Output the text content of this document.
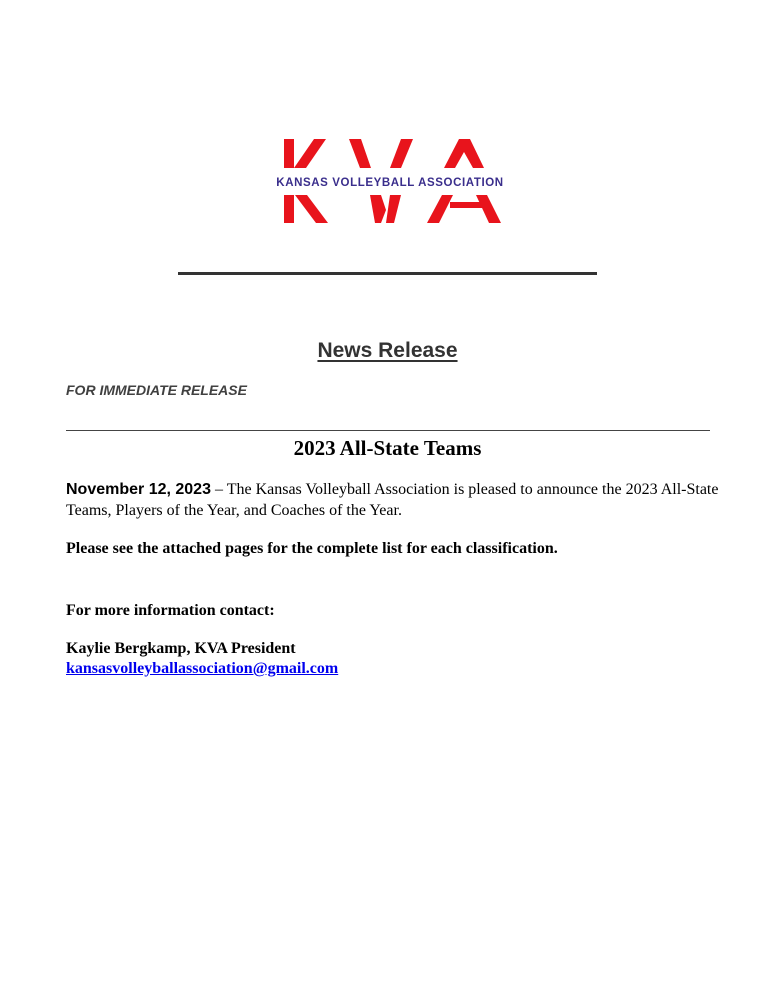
KANSAS VOLLEYBALL ASSOCIATION
News Release
FOR IMMEDIATE RELEASE
2023 All-State Teams
November 12, 2023 – The Kansas Volleyball Association is pleased to announce the 2023 All-State Teams, Players of the Year, and Coaches of the Year.
Please see the attached pages for the complete list for each classification.
For more information contact:
Kaylie Bergkamp, KVA President
kansasvolleyballassociation@gmail.com
